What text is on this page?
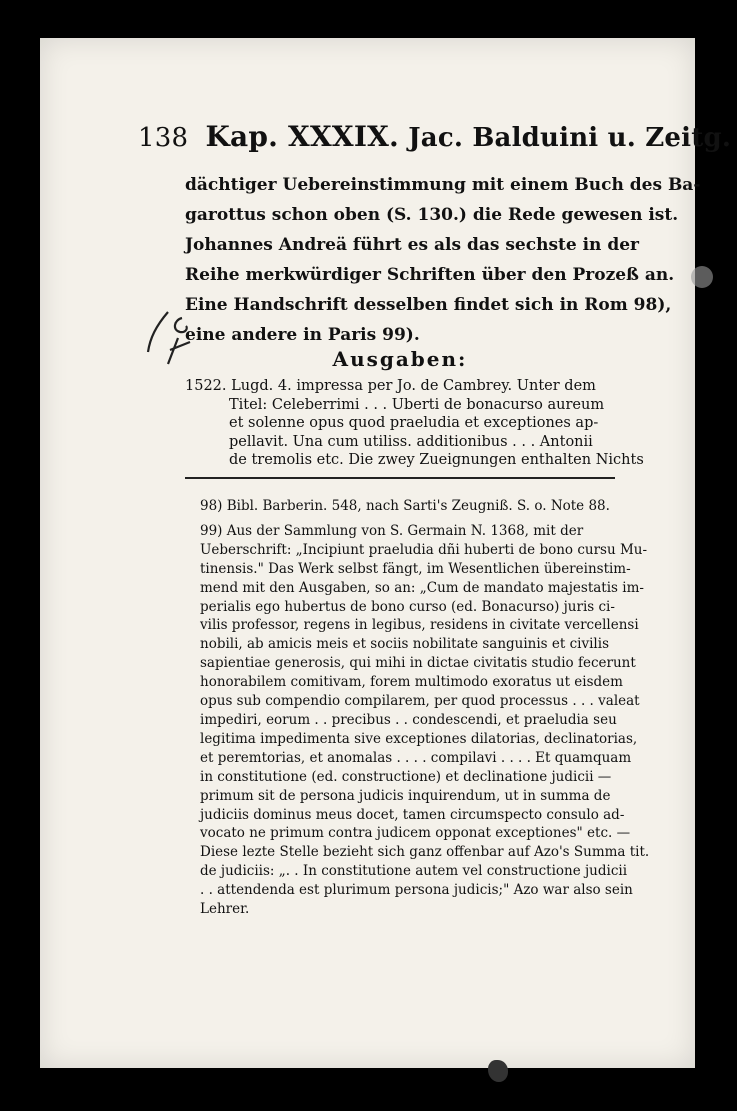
138 Kap. XXXIX. Jac. Balduini u. Zeitg.
dächtiger Uebereinstimmung mit einem Buch des Ba-
garottus schon oben (S. 130.) die Rede gewesen ist.
Johannes Andreä führt es als das sechste in der
Reihe merkwürdiger Schriften über den Prozeß an.
Eine Handschrift desselben findet sich in Rom 98),
eine andere in Paris 99).
Ausgaben:
1522. Lugd. 4. impressa per Jo. de Cambrey. Unter dem
Titel: Celeberrimi . . . Uberti de bonacurso aureum
et solenne opus quod praeludia et exceptiones ap-
pellavit. Una cum utiliss. additionibus . . . Antonii
de tremolis etc. Die zwey Zueignungen enthalten Nichts
98) Bibl. Barberin. 548, nach Sarti's Zeugniß. S. o. Note 88.
99) Aus der Sammlung von S. Germain N. 1368, mit der
Ueberschrift: „Incipiunt praeludia dñi huberti de bono cursu Mu-
tinensis." Das Werk selbst fängt, im Wesentlichen übereinstim-
mend mit den Ausgaben, so an: „Cum de mandato majestatis im-
perialis ego hubertus de bono curso (ed. Bonacurso) juris ci-
vilis professor, regens in legibus, residens in civitate vercellensi
nobili, ab amicis meis et sociis nobilitate sanguinis et civilis
sapientiae generosis, qui mihi in dictae civitatis studio fecerunt
honorabilem comitivam, forem multimodo exoratus ut eisdem
opus sub compendio compilarem, per quod processus . . . valeat
impediri, eorum . . precibus . . condescendi, et praeludia seu
legitima impedimenta sive exceptiones dilatorias, declinatorias,
et peremtorias, et anomalas . . . . compilavi . . . . Et quamquam
in constitutione (ed. constructione) et declinatione judicii —
primum sit de persona judicis inquirendum, ut in summa de
judiciis dominus meus docet, tamen circumspecto consulo ad-
vocato ne primum contra judicem opponat exceptiones" etc. —
Diese lezte Stelle bezieht sich ganz offenbar auf Azo's Summa tit.
de judiciis: „. . In constitutione autem vel constructione judicii
. . attendenda est plurimum persona judicis;" Azo war also sein
Lehrer.
